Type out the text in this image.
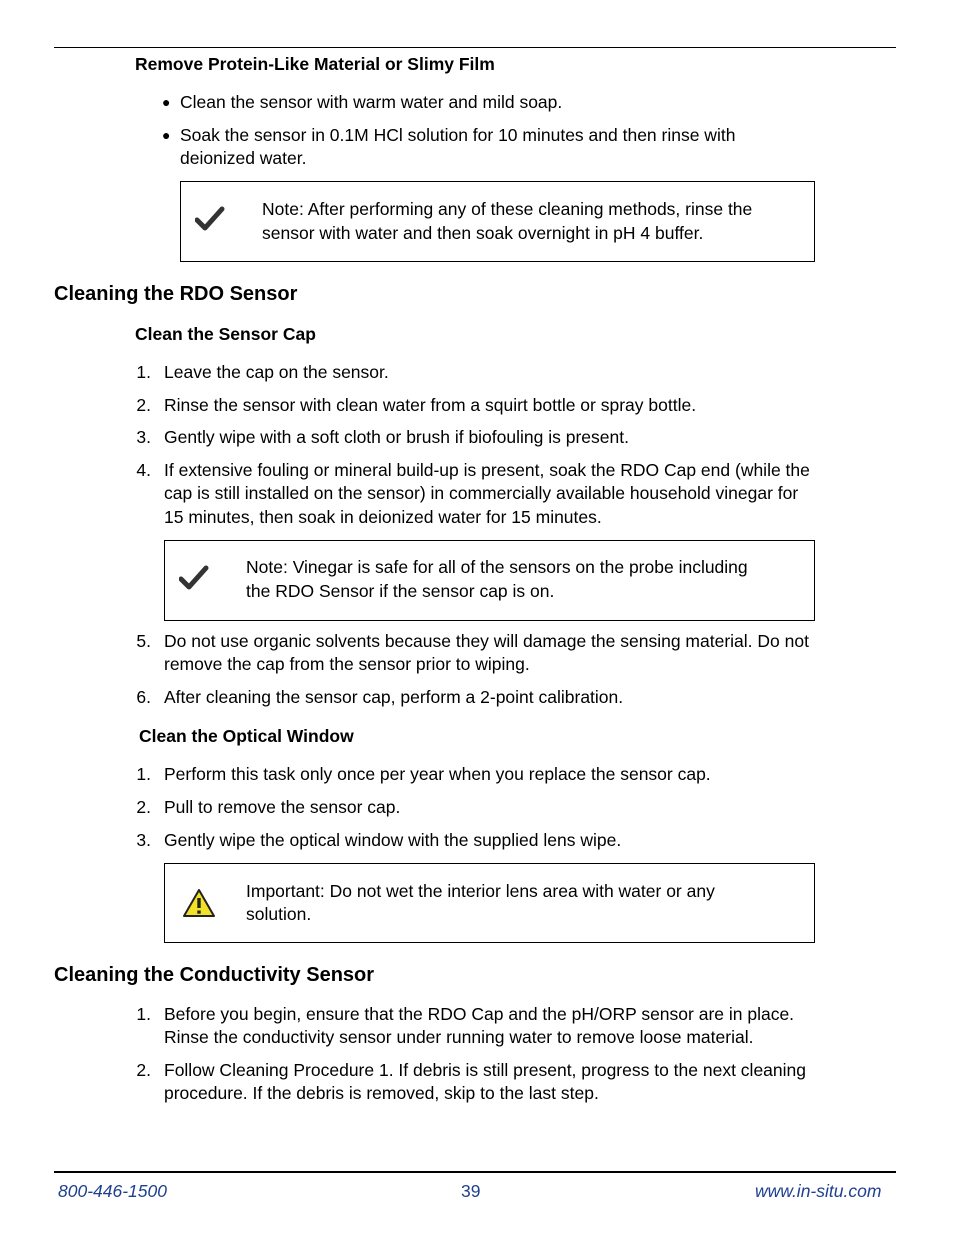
Remove Protein-Like Material or Slimy Film
● Clean the sensor with warm water and mild soap.
● Soak the sensor in 0.1M HCl solution for 10 minutes and then rinse with
deionized water.
Note: After performing any of these cleaning methods, rinse the
sensor with water and then soak overnight in pH 4 buffer.
Cleaning the RDO Sensor
Clean the Sensor Cap
1. Leave the cap on the sensor.
2. Rinse the sensor with clean water from a squirt bottle or spray bottle.
3. Gently wipe with a soft cloth or brush if biofouling is present.
4. If extensive fouling or mineral build-up is present, soak the RDO Cap end (while the
cap is still installed on the sensor) in commercially available household vinegar for
15 minutes, then soak in deionized water for 15 minutes.
Note: Vinegar is safe for all of the sensors on the probe including
the RDO Sensor if the sensor cap is on.
5. Do not use organic solvents because they will damage the sensing material. Do not
remove the cap from the sensor prior to wiping.
6. After cleaning the sensor cap, perform a 2-point calibration.
Clean the Optical Window
1. Perform this task only once per year when you replace the sensor cap.
2. Pull to remove the sensor cap.
3. Gently wipe the optical window with the supplied lens wipe.
Important: Do not wet the interior lens area with water or any
solution.
Cleaning the Conductivity Sensor
1. Before you begin, ensure that the RDO Cap and the pH/ORP sensor are in place.
Rinse the conductivity sensor under running water to remove loose material.
2. Follow Cleaning Procedure 1. If debris is still present, progress to the next cleaning
procedure. If the debris is removed, skip to the last step.
800-446-1500	39	www.in-situ.com
